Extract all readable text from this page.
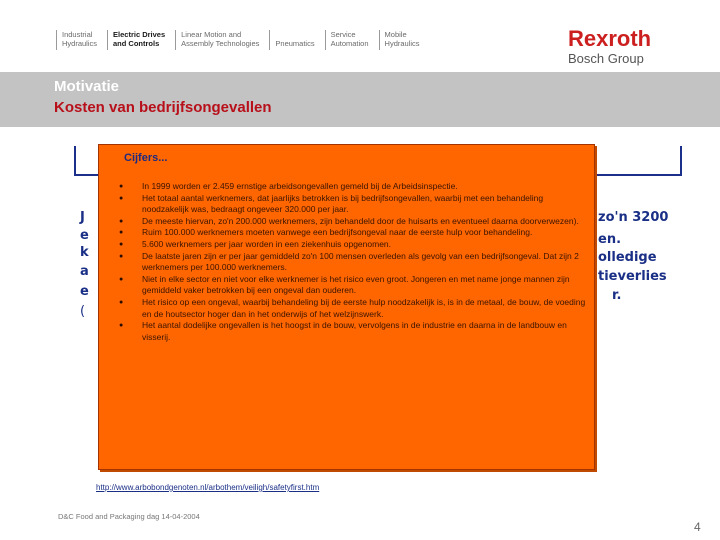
Industrial
Hydraulics
Electric Drives
and Controls
Linear Motion and
Assembly Technologies Pneumatics
Service
Automation
Mobile
Hydraulics	Rexroth
Bosch Group
Motivatie
Kosten van bedrijfsongevallen
J
e
k
a
e
(
zo'n 3200
en.
olledige
tieverlies
r.
Cijfers...
● In 1999 worden er 2.459 ernstige arbeidsongevallen gemeld bij de Arbeidsinspectie.
● Het totaal aantal werknemers, dat jaarlijks betrokken is bij bedrijfsongevallen, waarbij met een behandeling noodzakelijk was, bedraagt ongeveer 320.000 per jaar.
● De meeste hiervan, zo'n 200.000 werknemers, zijn behandeld door de huisarts en eventueel daarna doorverwezen).
● Ruim 100.000 werknemers moeten vanwege een bedrijfsongeval naar de eerste hulp voor behandeling.
● 5.600 werknemers per jaar worden in een ziekenhuis opgenomen.
● De laatste jaren zijn er per jaar gemiddeld zo'n 100 mensen overleden als gevolg van een bedrijfsongeval. Dat zijn 2 werknemers per 100.000 werknemers.
● Niet in elke sector en niet voor elke werknemer is het risico even groot. Jongeren en met name jonge mannen zijn gemiddeld vaker betrokken bij een ongeval dan ouderen.
● Het risico op een ongeval, waarbij behandeling bij de eerste hulp noodzakelijk is, is in de metaal, de bouw, de voeding en de houtsector hoger dan in het onderwijs of het welzijnswerk.
● Het aantal dodelijke ongevallen is het hoogst in de bouw, vervolgens in de industrie en daarna in de landbouw en visserij.
http://www.arbobondgenoten.nl/arbothem/veiligh/safetyfirst.htm
D&C Food and Packaging dag 14-04-2004
4
